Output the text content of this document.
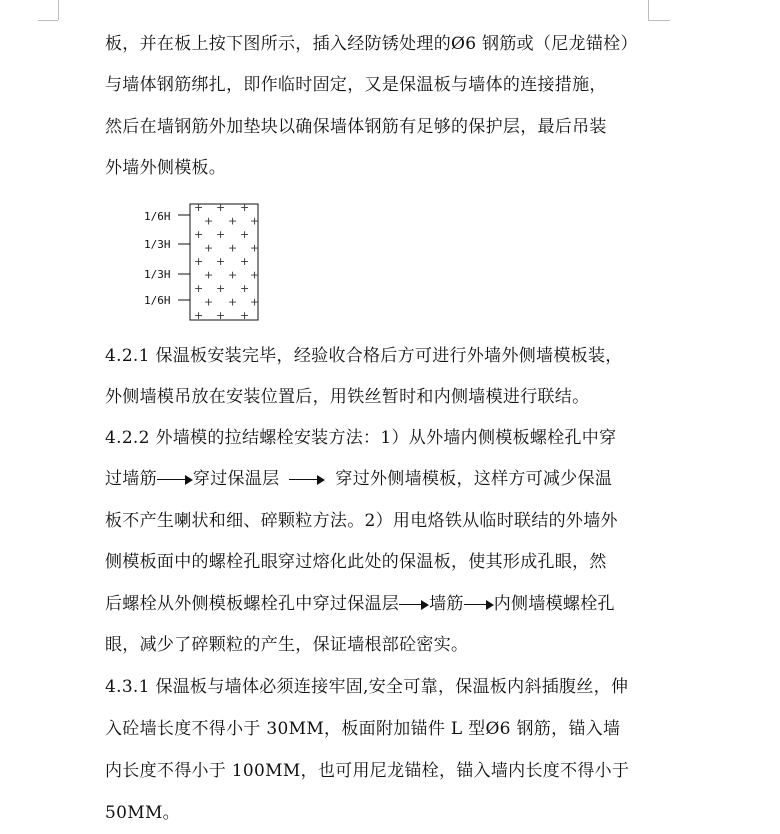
板，并在板上按下图所示，插入经防锈处理的Ø6 钢筋或（尼龙锚栓）
与墙体钢筋绑扎，即作临时固定，又是保温板与墙体的连接措施，
然后在墙钢筋外加垫块以确保墙体钢筋有足够的保护层，最后吊装
外墙外侧模板。
1/6H
1/3H
1/3H
1/6H
+ + +
+ + +
+ + +
+ + +
+ + +
+ + +
+ + +
+ + +
+ + +
4.2.1 保温板安装完毕，经验收合格后方可进行外墙外侧墙模板装，
外侧墙模吊放在安装位置后，用铁丝暂时和内侧墙模进行联结。
4.2.2 外墙模的拉结螺栓安装方法：1）从外墙内侧模板螺栓孔中穿
过墙筋 穿过保温层	穿过外侧墙模板，这样方可减少保温
板不产生喇状和细、碎颗粒方法。2）用电烙铁从临时联结的外墙外
侧模板面中的螺栓孔眼穿过熔化此处的保温板，使其形成孔眼，然
后螺栓从外侧模板螺栓孔中穿过保温层 墙筋 内侧墙模螺栓孔
眼，减少了碎颗粒的产生，保证墙根部砼密实。
4.3.1 保温板与墙体必须连接牢固,安全可靠，保温板内斜插腹丝，伸
入砼墙长度不得小于 30MM，板面附加锚件 L 型Ø6 钢筋，锚入墙
内长度不得小于 100MM，也可用尼龙锚栓，锚入墙内长度不得小于
50MM。
